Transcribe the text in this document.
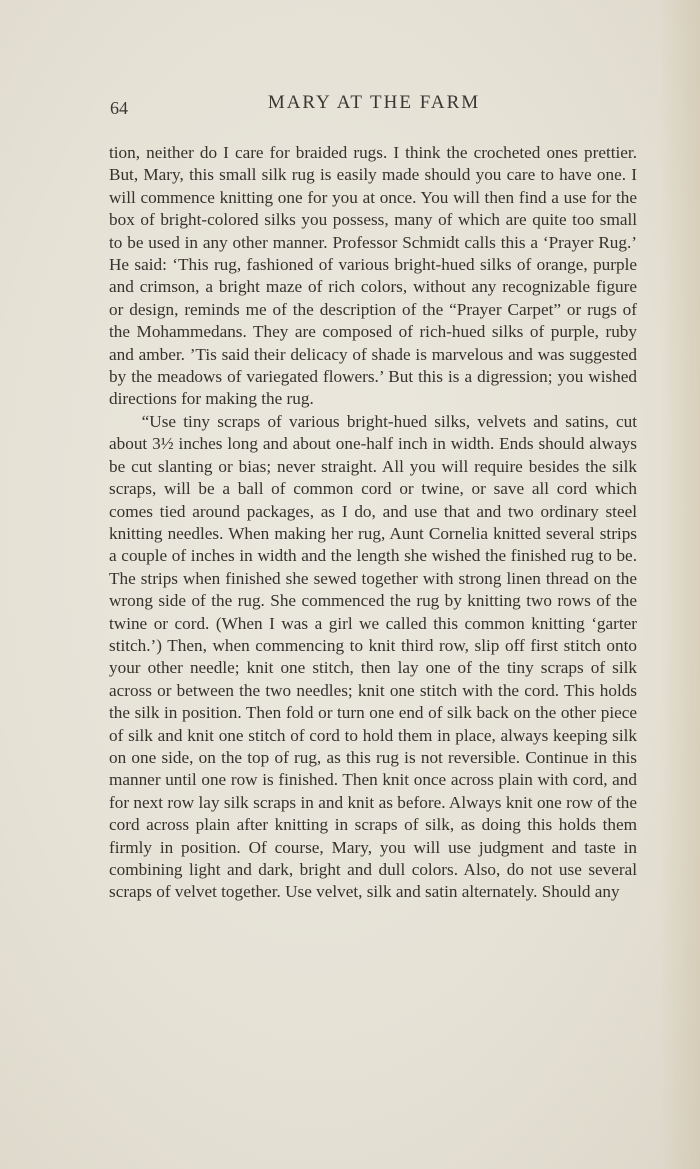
64	MARY AT THE FARM

tion, neither do I care for braided rugs. I think the crocheted ones prettier. But, Mary, this small silk rug is easily made should you care to have one. I will commence knitting one for you at once. You will then find a use for the box of bright-colored silks you possess, many of which are quite too small to be used in any other manner. Professor Schmidt calls this a ‘Prayer Rug.’ He said: ‘This rug, fashioned of various bright-hued silks of orange, purple and crimson, a bright maze of rich colors, without any recognizable figure or design, reminds me of the description of the “Prayer Carpet” or rugs of the Mohammedans. They are composed of rich-hued silks of purple, ruby and amber. ’Tis said their delicacy of shade is marvelous and was suggested by the meadows of variegated flowers.’ But this is a digression; you wished directions for making the rug.

“Use tiny scraps of various bright-hued silks, velvets and satins, cut about 3½ inches long and about one-half inch in width. Ends should always be cut slanting or bias; never straight. All you will require besides the silk scraps, will be a ball of common cord or twine, or save all cord which comes tied around packages, as I do, and use that and two ordinary steel knitting needles. When making her rug, Aunt Cornelia knitted several strips a couple of inches in width and the length she wished the finished rug to be. The strips when finished she sewed together with strong linen thread on the wrong side of the rug. She commenced the rug by knitting two rows of the twine or cord. (When I was a girl we called this common knitting ‘garter stitch.’) Then, when commencing to knit third row, slip off first stitch onto your other needle; knit one stitch, then lay one of the tiny scraps of silk across or between the two needles; knit one stitch with the cord. This holds the silk in position. Then fold or turn one end of silk back on the other piece of silk and knit one stitch of cord to hold them in place, always keeping silk on one side, on the top of rug, as this rug is not reversible. Continue in this manner until one row is finished. Then knit once across plain with cord, and for next row lay silk scraps in and knit as before. Always knit one row of the cord across plain after knitting in scraps of silk, as doing this holds them firmly in position. Of course, Mary, you will use judgment and taste in combining light and dark, bright and dull colors. Also, do not use several scraps of velvet together. Use velvet, silk and satin alternately. Should any
